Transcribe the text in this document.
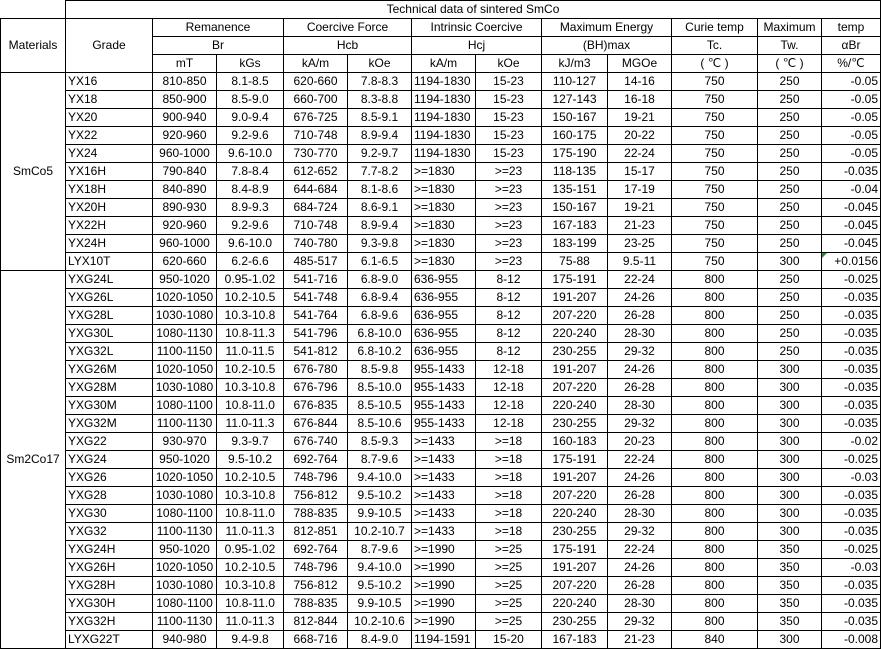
	Technical data of sintered SmCo											
Materials	Grade	Remanence		Coercive Force		Intrinsic Coercive		Maximum Energy		Curie temp	Maximum	temp
		Br		Hcb		Hcj		(BH)max		Tc.	Tw.	αBr
		mT	kGs	kA/m	kOe	kA/m	kOe	kJ/m3	MGOe	( ℃ )	( ℃ )	%/℃
SmCo5	YX16	810-850	8.1-8.5	620-660	7.8-8.3	1194-1830	15-23	110-127	14-16	750	250	-0.05
	YX18	850-900	8.5-9.0	660-700	8.3-8.8	1194-1830	15-23	127-143	16-18	750	250	-0.05
	YX20	900-940	9.0-9.4	676-725	8.5-9.1	1194-1830	15-23	150-167	19-21	750	250	-0.05
	YX22	920-960	9.2-9.6	710-748	8.9-9.4	1194-1830	15-23	160-175	20-22	750	250	-0.05
	YX24	960-1000	9.6-10.0	730-770	9.2-9.7	1194-1830	15-23	175-190	22-24	750	250	-0.05
	YX16H	790-840	7.8-8.4	612-652	7.7-8.2	>=1830	>=23	118-135	15-17	750	250	-0.035
	YX18H	840-890	8.4-8.9	644-684	8.1-8.6	>=1830	>=23	135-151	17-19	750	250	-0.04
	YX20H	890-930	8.9-9.3	684-724	8.6-9.1	>=1830	>=23	150-167	19-21	750	250	-0.045
	YX22H	920-960	9.2-9.6	710-748	8.9-9.4	>=1830	>=23	167-183	21-23	750	250	-0.045
	YX24H	960-1000	9.6-10.0	740-780	9.3-9.8	>=1830	>=23	183-199	23-25	750	250	-0.045
	LYX10T	620-660	6.2-6.6	485-517	6.1-6.5	>=1830	>=23	75-88	9.5-11	750	300	+0.0156
Sm2Co17	YXG24L	950-1020	0.95-1.02	541-716	6.8-9.0	636-955	8-12	175-191	22-24	800	250	-0.025
	YXG26L	1020-1050	10.2-10.5	541-748	6.8-9.4	636-955	8-12	191-207	24-26	800	250	-0.035
	YXG28L	1030-1080	10.3-10.8	541-764	6.8-9.6	636-955	8-12	207-220	26-28	800	250	-0.035
	YXG30L	1080-1130	10.8-11.3	541-796	6.8-10.0	636-955	8-12	220-240	28-30	800	250	-0.035
	YXG32L	1100-1150	11.0-11.5	541-812	6.8-10.2	636-955	8-12	230-255	29-32	800	250	-0.035
	YXG26M	1020-1050	10.2-10.5	676-780	8.5-9.8	955-1433	12-18	191-207	24-26	800	300	-0.035
	YXG28M	1030-1080	10.3-10.8	676-796	8.5-10.0	955-1433	12-18	207-220	26-28	800	300	-0.035
	YXG30M	1080-1100	10.8-11.0	676-835	8.5-10.5	955-1433	12-18	220-240	28-30	800	300	-0.035
	YXG32M	1100-1130	11.0-11.3	676-844	8.5-10.6	955-1433	12-18	230-255	29-32	800	300	-0.035
	YXG22	930-970	9.3-9.7	676-740	8.5-9.3	>=1433	>=18	160-183	20-23	800	300	-0.02
	YXG24	950-1020	9.5-10.2	692-764	8.7-9.6	>=1433	>=18	175-191	22-24	800	300	-0.025
	YXG26	1020-1050	10.2-10.5	748-796	9.4-10.0	>=1433	>=18	191-207	24-26	800	300	-0.03
	YXG28	1030-1080	10.3-10.8	756-812	9.5-10.2	>=1433	>=18	207-220	26-28	800	300	-0.035
	YXG30	1080-1100	10.8-11.0	788-835	9.9-10.5	>=1433	>=18	220-240	28-30	800	300	-0.035
	YXG32	1100-1130	11.0-11.3	812-851	10.2-10.7	>=1433	>=18	230-255	29-32	800	300	-0.035
	YXG24H	950-1020	0.95-1.02	692-764	8.7-9.6	>=1990	>=25	175-191	22-24	800	350	-0.025
	YXG26H	1020-1050	10.2-10.5	748-796	9.4-10.0	>=1990	>=25	191-207	24-26	800	350	-0.03
	YXG28H	1030-1080	10.3-10.8	756-812	9.5-10.2	>=1990	>=25	207-220	26-28	800	350	-0.035
	YXG30H	1080-1100	10.8-11.0	788-835	9.9-10.5	>=1990	>=25	220-240	28-30	800	350	-0.035
	YXG32H	1100-1130	11.0-11.3	812-844	10.2-10.6	>=1990	>=25	230-255	29-32	800	350	-0.035
	LYXG22T	940-980	9.4-9.8	668-716	8.4-9.0	1194-1591	15-20	167-183	21-23	840	300	-0.008
